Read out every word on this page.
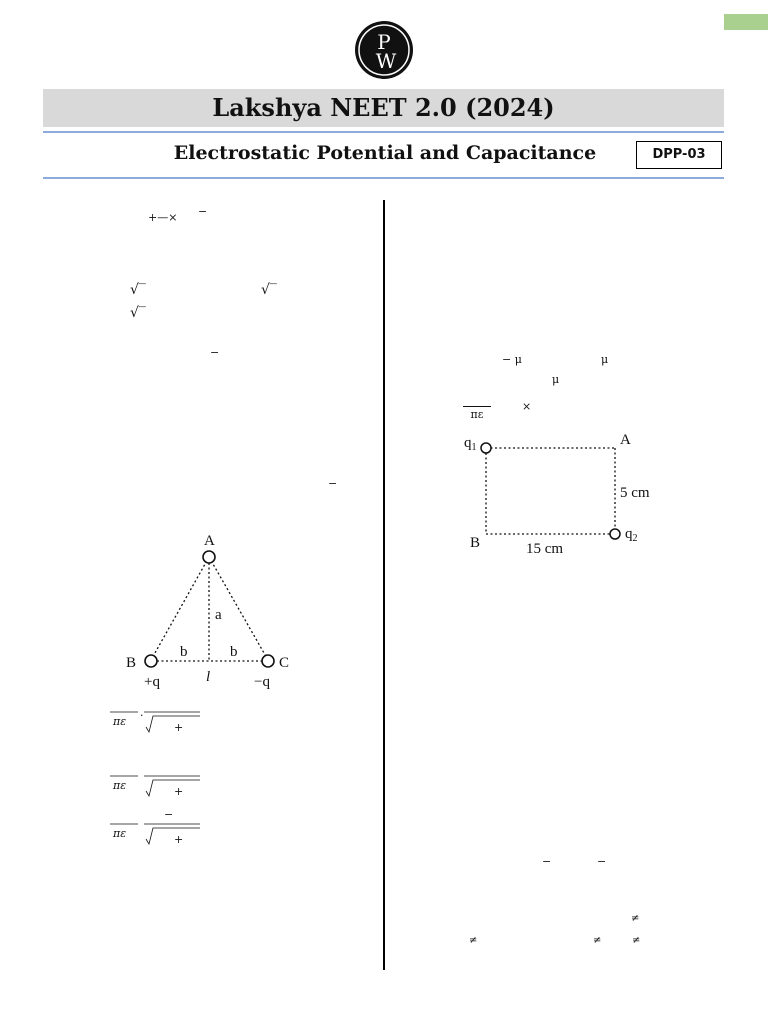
P
W
Lakshya NEET 2.0 (2024)
Electrostatic Potential and Capacitance	DPP-03
+—× −
√‾	√‾
√‾
−
−
A
B	C
a
b	b
+q	−q
l
πε ·
+
πε	+
−
πε	+
− μ	μ
μ
πε
×
$q_1$	A
B
$q_2$
5 cm
15 cm
−	−
≠
≠	≠	≠
